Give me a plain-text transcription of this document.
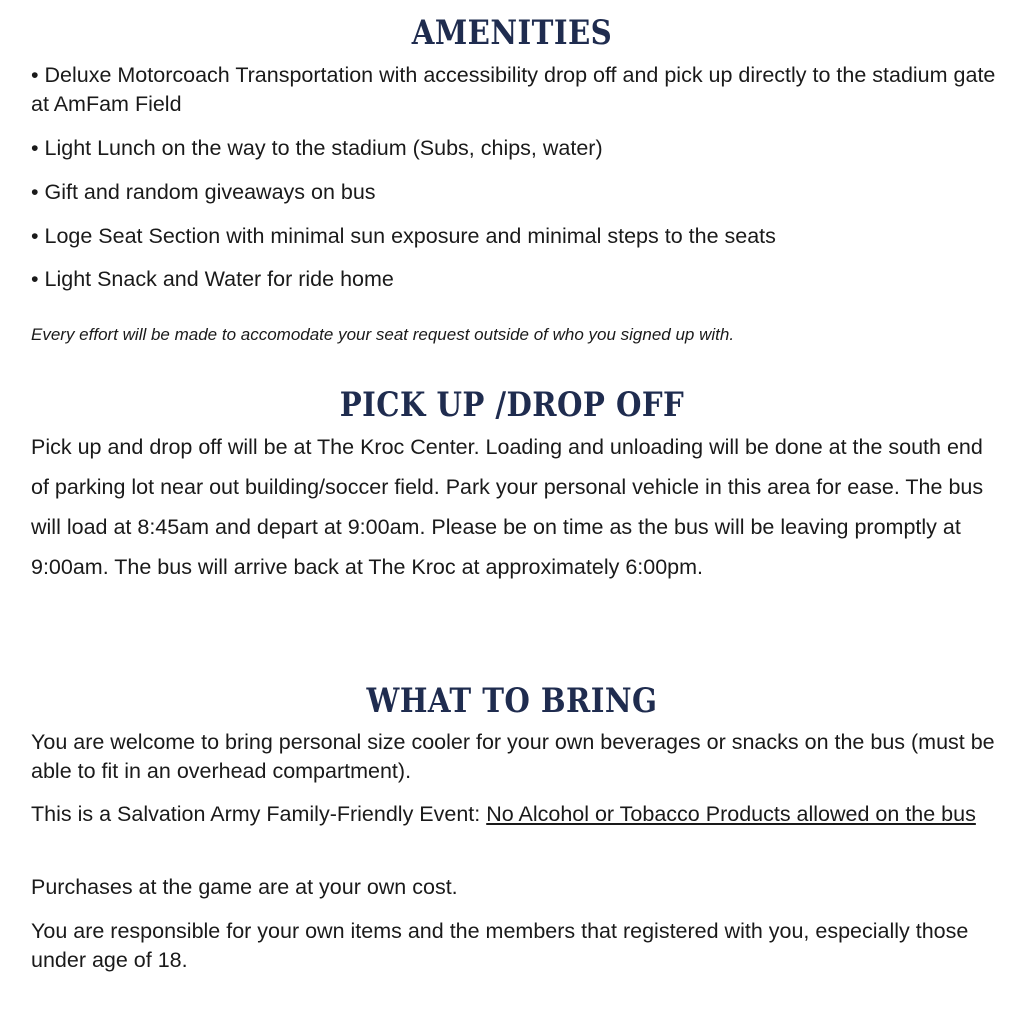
AMENITIES
• Deluxe Motorcoach Transportation with accessibility drop off and pick up directly to the stadium gate at AmFam Field
• Light Lunch on the way to the stadium (Subs, chips, water)
• Gift and random giveaways on bus
• Loge Seat Section with minimal sun exposure and minimal steps to the seats
• Light Snack and Water for ride home
Every effort will be made to accomodate your seat request outside of who you signed up with.
PICK UP /DROP OFF
Pick up and drop off will be at The Kroc Center. Loading and unloading will be done at the south end of parking lot near out building/soccer field. Park your personal vehicle in this area for ease. The bus will load at 8:45am and depart at 9:00am. Please be on time as the bus will be leaving promptly at 9:00am. The bus will arrive back at The Kroc at approximately 6:00pm.
WHAT TO BRING
You are welcome to bring personal size cooler for your own beverages or snacks on the bus (must be able to fit in an overhead compartment).
This is a Salvation Army Family-Friendly Event: No Alcohol or Tobacco Products allowed on the bus
Purchases at the game are at your own cost.
You are responsible for your own items and the members that registered with you, especially those under age of 18.
